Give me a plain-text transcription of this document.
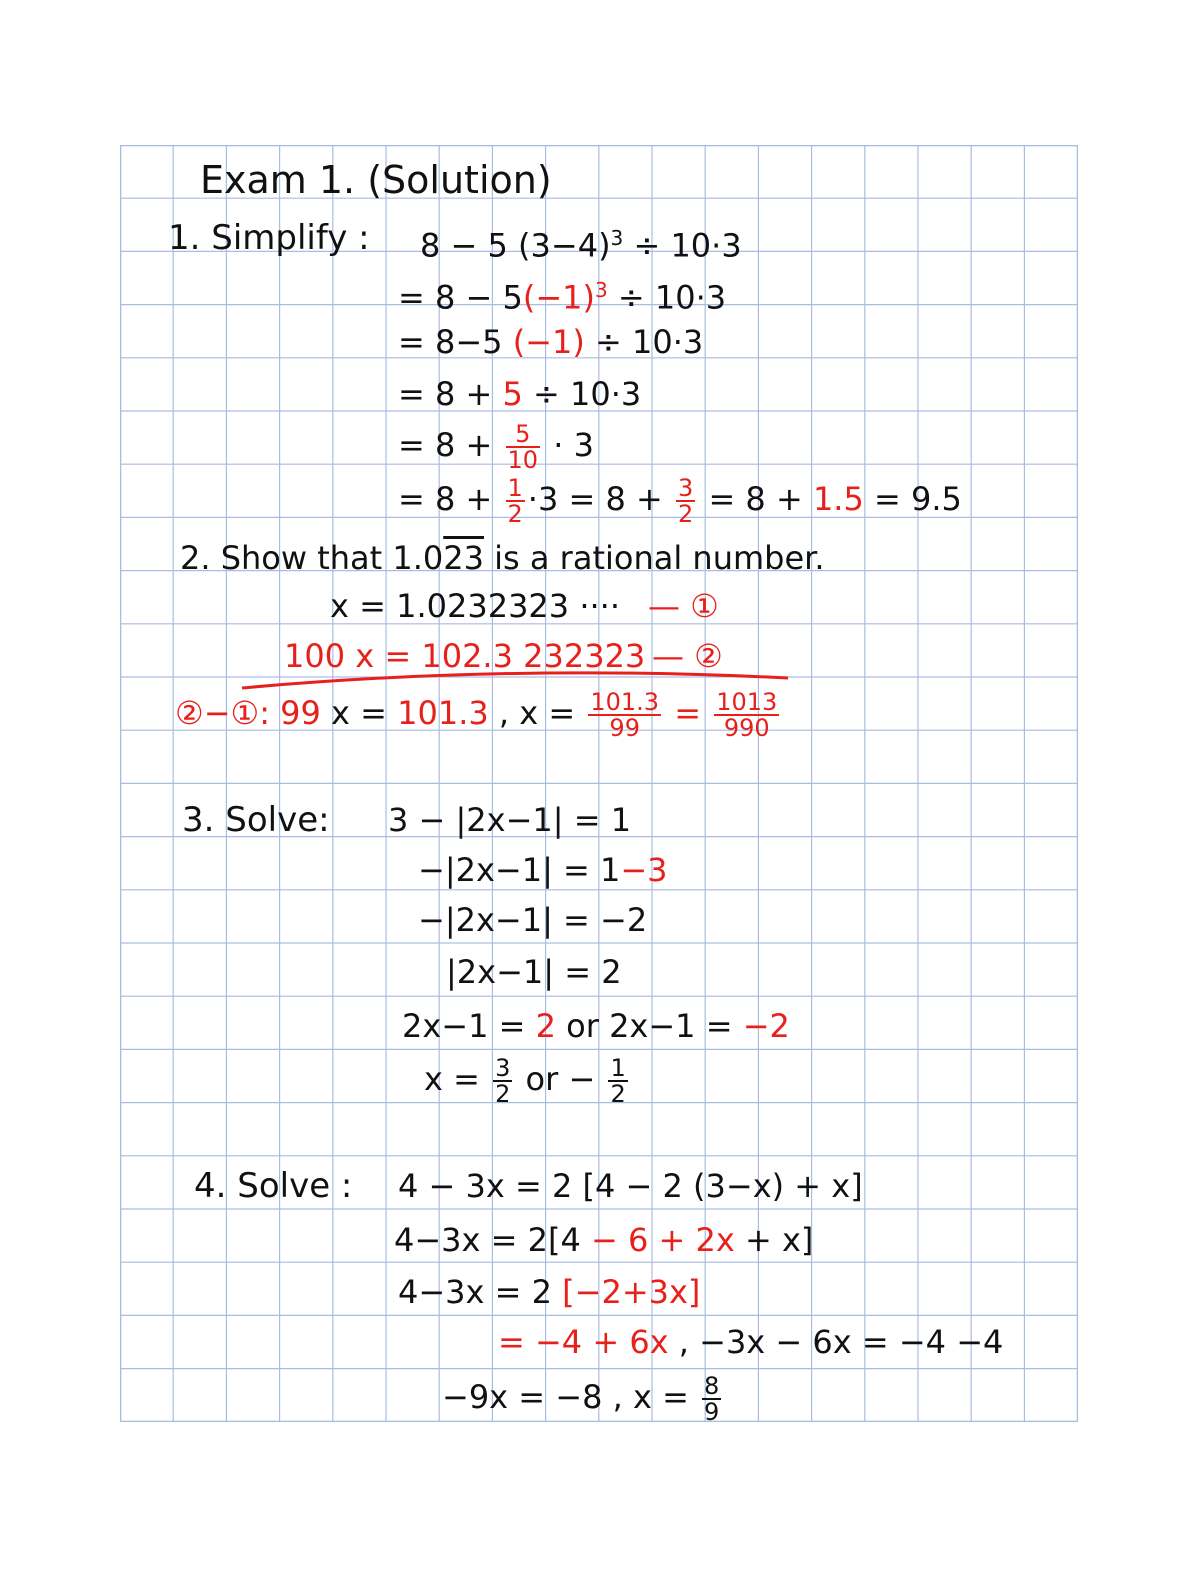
Exam 1. (Solution)
1. Simplify : 8 − 5 $(3-4)^3 \div 10\cdot 3$
= $8 - 5(-1)^3 \div 10\cdot 3$
= 8−5 (−1) ÷ 10·3
= 8 + 5 ÷ 10·3
= $8 + \frac{5}{10} \cdot 3$
= $8 + \frac{1}{2} \cdot 3 = 8 + \frac{3}{2} = 8 + 1.5 = 9.5$
2. Show that 1.023 is a rational number.
x = 1.0232323 ···· — ①
100 x = 102.3 232323 — ②
②−①: 99 x = 101.3 , $x = \frac{101.3}{99} = \frac{1013}{990}$
3. Solve: 3 − |2x−1| = 1
−|2x−1| = 1−3
−|2x−1| = −2
|2x−1| = 2
2x−1 = 2 or 2x−1 = −2
$x = \frac{3}{2}$ or − $\frac{1}{2}$
4. Solve : 4 − 3x = 2 [4 − 2 (3−x) + x]
4−3x = 2[4 − 6 + 2x + x]
4−3x = 2 [−2+3x]
= −4 + 6x , −3x − 6x = −4 −4
−9x = −8 , $x = \frac{8}{9}$
